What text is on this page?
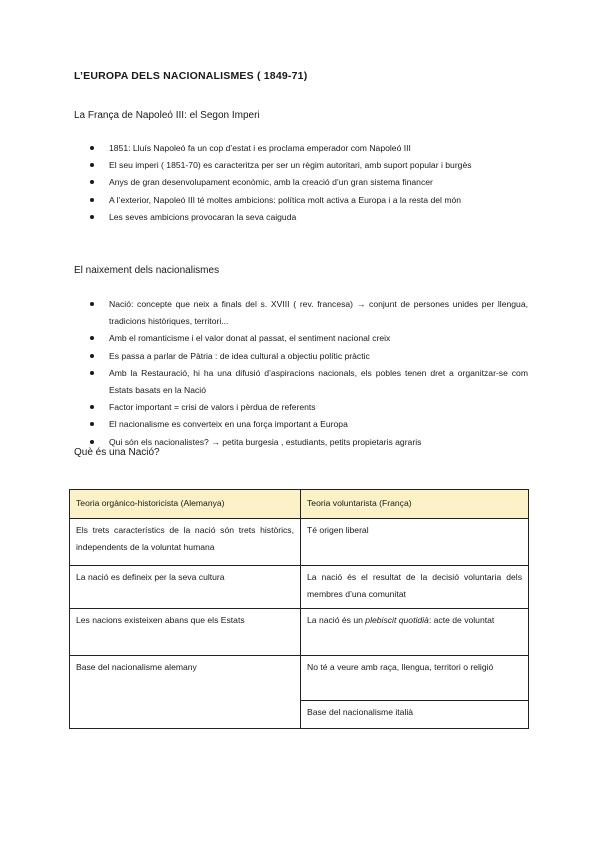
L’EUROPA DELS NACIONALISMES ( 1849-71)
La França de Napoleó III: el Segon Imperi
1851: Lluís Napoleó fa un cop d’estat i es proclama emperador com Napoleó III
El seu imperi ( 1851-70) es caracteritza per ser un règim autoritari, amb suport popular i burgès
Anys de gran desenvolupament econòmic, amb la creació d’un gran sistema financer
A l’exterior, Napoleó III té moltes ambicions: política molt activa a Europa i a la resta del món
Les seves ambicions provocaran la seva caiguda
El naixement dels nacionalismes
Nació: concepte que neix a finals del s. XVIII ( rev. francesa) → conjunt de persones unides per llengua, tradicions històriques, territori...
Amb el romanticisme i el valor donat al passat, el sentiment nacional creix
Es passa a parlar de Pàtria : de idea cultural a objectiu polític pràctic
Amb la Restauració, hi ha una difusió d’aspiracions nacionals, els pobles tenen dret a organitzar-se com Estats basats en la Nació
Factor important = crisi de valors i pèrdua de referents
El nacionalisme es converteix en una força important a Europa
Qui són els nacionalistes? → petita burgesia , estudiants, petits propietaris agraris
Què és una Nació?
Teoria orgànico-historicista (Alemanya)	Teoria voluntarista (França)
Els trets característics de la nació són trets històrics, independents de la voluntat humana	Té origen liberal
La nació es defineix per la seva cultura	La nació és el resultat de la decisió voluntaria dels membres d’una comunitat
Les nacions existeixen abans que els Estats	La nació és un plebiscit quotidià: acte de voluntat
Base del nacionalisme alemany	No té a veure amb raça, llengua, territori o religió
	Base del nacionalisme italià
